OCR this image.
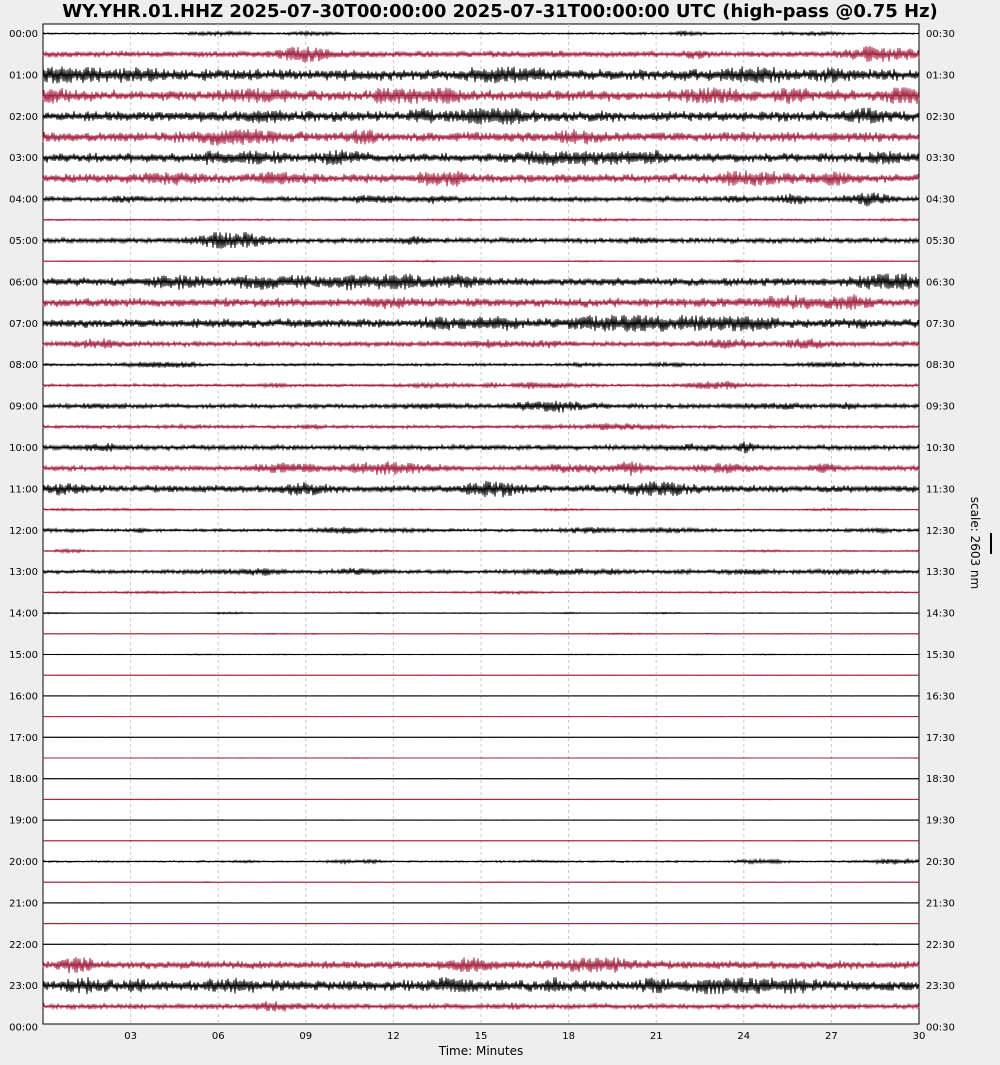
WY.YHR.01.HHZ 2025-07-30T00:00:00 2025-07-31T00:00:00 UTC (high-pass @0.75 Hz)
00:00
01:00
02:00
03:00
04:00
05:00
06:00
07:00
08:00
09:00
10:00
11:00
12:00
13:00
14:00
15:00
16:00
17:00
18:00
19:00
20:00
21:00
22:00
23:00
00:00
00:30
01:30
02:30
03:30
04:30
05:30
06:30
07:30
08:30
09:30
10:30
11:30
12:30
13:30
14:30
15:30
16:30
17:30
18:30
19:30
20:30
21:30
22:30
23:30
00:30
03	06	09	12	15	18	21	24	27	30
Time: Minutes
scale: 2603 nm
